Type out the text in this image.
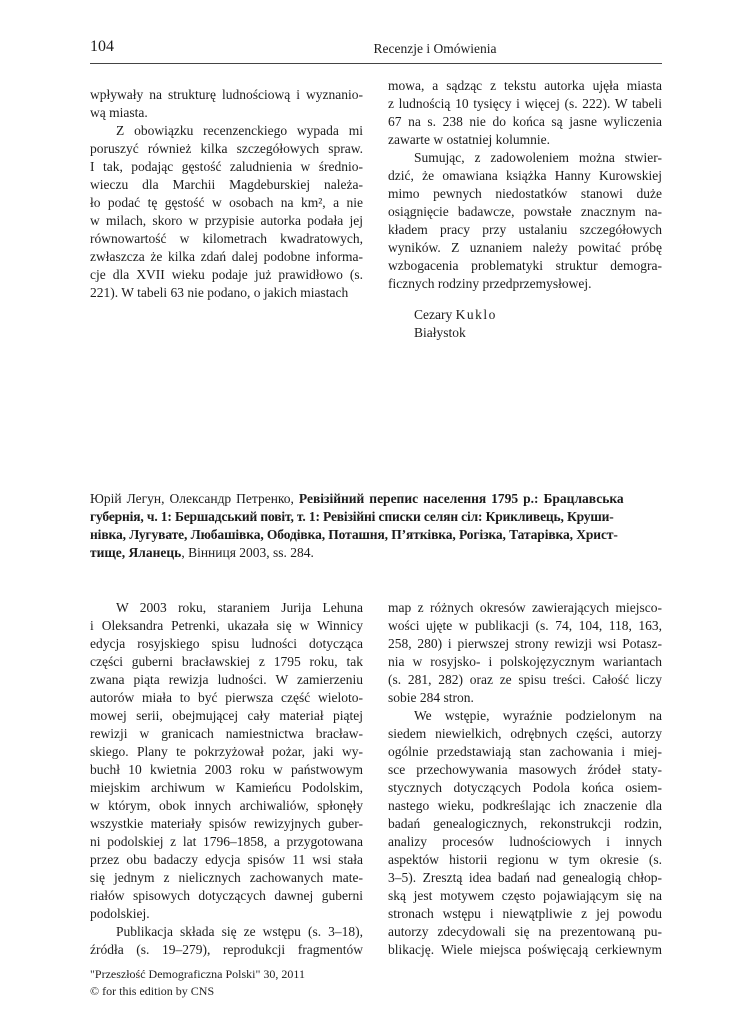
104	Recenzje i Omówienia
wpływały na strukturę ludnościową i wyznanio-
wą miasta.
Z obowiązku recenzenckiego wypada mi
poruszyć również kilka szczegółowych spraw.
I tak, podając gęstość zaludnienia w średnio-
wieczu dla Marchii Magdeburskiej należa-
ło podać tę gęstość w osobach na km², a nie
w milach, skoro w przypisie autorka podała jej
równowartość w kilometrach kwadratowych,
zwłaszcza że kilka zdań dalej podobne informa-
cje dla XVII wieku podaje już prawidłowo (s.
221). W tabeli 63 nie podano, o jakich miastach
mowa, a sądząc z tekstu autorka ujęła miasta
z ludnością 10 tysięcy i więcej (s. 222). W tabeli
67 na s. 238 nie do końca są jasne wyliczenia
zawarte w ostatniej kolumnie.
Sumując, z zadowoleniem można stwier-
dzić, że omawiana książka Hanny Kurowskiej
mimo pewnych niedostatków stanowi duże
osiągnięcie badawcze, powstałe znacznym na-
kładem pracy przy ustalaniu szczegółowych
wyników. Z uznaniem należy powitać próbę
wzbogacenia problematyki struktur demogra-
ficznych rodziny przedprzemysłowej.
Cezary Kuklo
Białystok
Юрій Легун, Олександр Петренко, Ревізійний перепис населення 1795 р.: Брацлавська
губернія, ч. 1: Бершадський повіт, т. 1: Ревізійні списки селян сіл: Крикливець, Круши-
нівка, Лугувате, Любашівка, Ободівка, Поташня, П’ятківка, Рогізка, Татарівка, Христ-
тище, Яланець, Вінниця 2003, ss. 284.
W 2003 roku, staraniem Jurija Lehuna
i Oleksandra Petrenki, ukazała się w Winnicy
edycja rosyjskiego spisu ludności dotycząca
części guberni bracławskiej z 1795 roku, tak
zwana piąta rewizja ludności. W zamierzeniu
autorów miała to być pierwsza część wieloto-
mowej serii, obejmującej cały materiał piątej
rewizji w granicach namiestnictwa bracław-
skiego. Plany te pokrzyżował pożar, jaki wy-
buchł 10 kwietnia 2003 roku w państwowym
miejskim archiwum w Kamieńcu Podolskim,
w którym, obok innych archiwaliów, spłonęły
wszystkie materiały spisów rewizyjnych guber-
ni podolskiej z lat 1796–1858, a przygotowana
przez obu badaczy edycja spisów 11 wsi stała
się jednym z nielicznych zachowanych mate-
riałów spisowych dotyczących dawnej guberni
podolskiej.
Publikacja składa się ze wstępu (s. 3–18),
źródła (s. 19–279), reprodukcji fragmentów
map z różnych okresów zawierających miejsco-
wości ujęte w publikacji (s. 74, 104, 118, 163,
258, 280) i pierwszej strony rewizji wsi Potasz-
nia w rosyjsko- i polskojęzycznym wariantach
(s. 281, 282) oraz ze spisu treści. Całość liczy
sobie 284 stron.
We wstępie, wyraźnie podzielonym na
siedem niewielkich, odrębnych części, autorzy
ogólnie przedstawiają stan zachowania i miej-
sce przechowywania masowych źródeł staty-
stycznych dotyczących Podola końca osiem-
nastego wieku, podkreślając ich znaczenie dla
badań genealogicznych, rekonstrukcji rodzin,
analizy procesów ludnościowych i innych
aspektów historii regionu w tym okresie (s.
3–5). Zresztą idea badań nad genealogią chłop-
ską jest motywem często pojawiającym się na
stronach wstępu i niewątpliwie z jej powodu
autorzy zdecydowali się na prezentowaną pu-
blikację. Wiele miejsca poświęcają cerkiewnym
"Przeszłość Demograficzna Polski" 30, 2011
© for this edition by CNS
